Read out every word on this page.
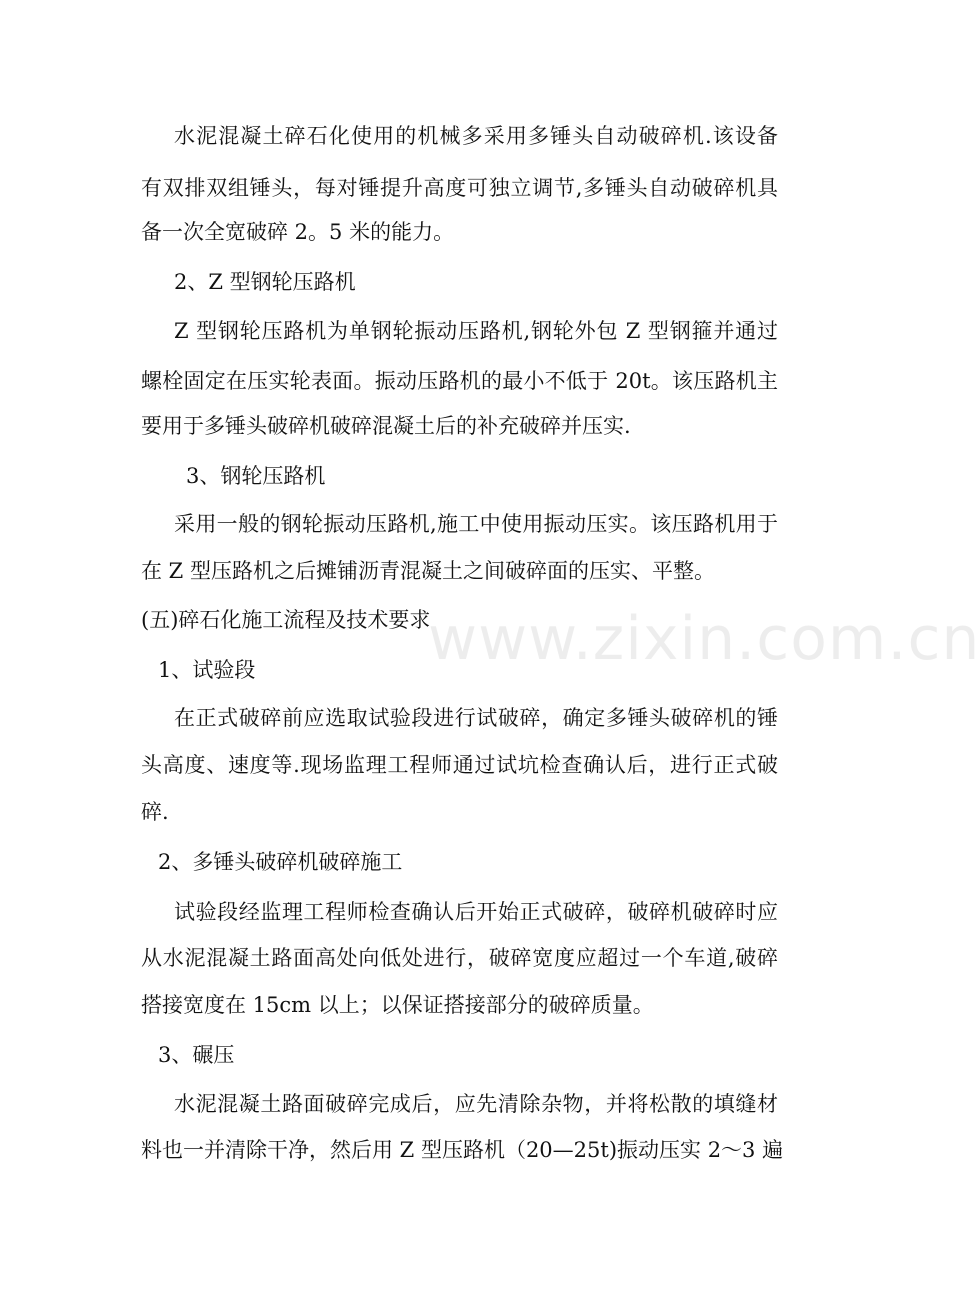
水泥混凝土碎石化使用的机械多采用多锤头自动破碎机.该设备
有双排双组锤头，每对锤提升高度可独立调节,多锤头自动破碎机具
备一次全宽破碎 2。5 米的能力。
2、Z 型钢轮压路机
Z 型钢轮压路机为单钢轮振动压路机,钢轮外包 Z 型钢箍并通过
螺栓固定在压实轮表面。振动压路机的最小不低于 20t。该压路机主
要用于多锤头破碎机破碎混凝土后的补充破碎并压实.
3、钢轮压路机
采用一般的钢轮振动压路机,施工中使用振动压实。该压路机用于
在 Z 型压路机之后摊铺沥青混凝土之间破碎面的压实、平整。
(五)碎石化施工流程及技术要求
1、试验段
在正式破碎前应选取试验段进行试破碎，确定多锤头破碎机的锤
头高度、速度等.现场监理工程师通过试坑检查确认后，进行正式破
碎.
2、多锤头破碎机破碎施工
试验段经监理工程师检查确认后开始正式破碎，破碎机破碎时应
从水泥混凝土路面高处向低处进行，破碎宽度应超过一个车道,破碎
搭接宽度在 15cm 以上；以保证搭接部分的破碎质量。
3、碾压
水泥混凝土路面破碎完成后，应先清除杂物，并将松散的填缝材
料也一并清除干净，然后用 Z 型压路机（20—25t)振动压实 2～3 遍
www.zixin.com.cn
